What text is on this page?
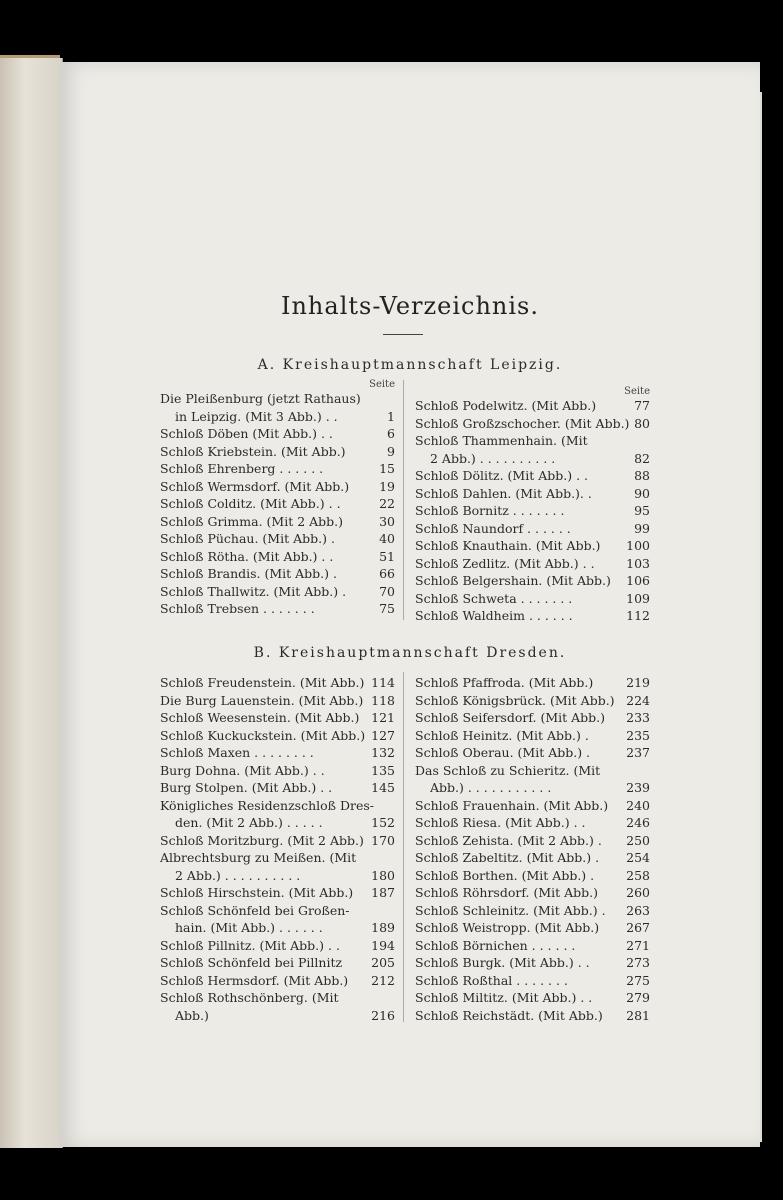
Inhalts-Verzeichnis.
A. Kreishauptmannschaft Leipzig.
Seite
Die Pleißenburg (jetzt Rathaus)
in Leipzig. (Mit 3 Abb.) . .	1
Schloß Döben (Mit Abb.) . .	6
Schloß Kriebstein. (Mit Abb.)	9
Schloß Ehrenberg . . . . . .	15
Schloß Wermsdorf. (Mit Abb.)	19
Schloß Colditz. (Mit Abb.) . .	22
Schloß Grimma. (Mit 2 Abb.)	30
Schloß Püchau. (Mit Abb.) .	40
Schloß Rötha. (Mit Abb.) . .	51
Schloß Brandis. (Mit Abb.) .	66
Schloß Thallwitz. (Mit Abb.) .	70
Schloß Trebsen . . . . . . .	75
Seite
Schloß Podelwitz. (Mit Abb.)	77
Schloß Großzschocher. (Mit Abb.) 80
Schloß Thammenhain. (Mit
2 Abb.) . . . . . . . . . .	82
Schloß Dölitz. (Mit Abb.) . .	88
Schloß Dahlen. (Mit Abb.). .	90
Schloß Bornitz . . . . . . .	95
Schloß Naundorf . . . . . .	99
Schloß Knauthain. (Mit Abb.)	100
Schloß Zedlitz. (Mit Abb.) . .	103
Schloß Belgershain. (Mit Abb.)	106
Schloß Schweta . . . . . . .	109
Schloß Waldheim . . . . . .	112
B. Kreishauptmannschaft Dresden.
Schloß Freudenstein. (Mit Abb.) 114
Die Burg Lauenstein. (Mit Abb.) 118
Schloß Weesenstein. (Mit Abb.) 121
Schloß Kuckuckstein. (Mit Abb.) 127
Schloß Maxen . . . . . . . .	132
Burg Dohna. (Mit Abb.) . .	135
Burg Stolpen. (Mit Abb.) . .	145
Königliches Residenzschloß Dres-
den. (Mit 2 Abb.) . . . . .	152
Schloß Moritzburg. (Mit 2 Abb.) 170
Albrechtsburg zu Meißen. (Mit
2 Abb.) . . . . . . . . . .	180
Schloß Hirschstein. (Mit Abb.)	187
Schloß Schönfeld bei Großen-
hain. (Mit Abb.) . . . . . .	189
Schloß Pillnitz. (Mit Abb.) . .	194
Schloß Schönfeld bei Pillnitz	205
Schloß Hermsdorf. (Mit Abb.)	212
Schloß Rothschönberg. (Mit
Abb.)	216
Schloß Pfaffroda. (Mit Abb.)	219
Schloß Königsbrück. (Mit Abb.) 224
Schloß Seifersdorf. (Mit Abb.)	233
Schloß Heinitz. (Mit Abb.) .	235
Schloß Oberau. (Mit Abb.) .	237
Das Schloß zu Schieritz. (Mit
Abb.) . . . . . . . . . . .	239
Schloß Frauenhain. (Mit Abb.)	240
Schloß Riesa. (Mit Abb.) . .	246
Schloß Zehista. (Mit 2 Abb.) .	250
Schloß Zabeltitz. (Mit Abb.) .	254
Schloß Borthen. (Mit Abb.) .	258
Schloß Röhrsdorf. (Mit Abb.)	260
Schloß Schleinitz. (Mit Abb.) .	263
Schloß Weistropp. (Mit Abb.)	267
Schloß Börnichen . . . . . .	271
Schloß Burgk. (Mit Abb.) . .	273
Schloß Roßthal . . . . . . .	275
Schloß Miltitz. (Mit Abb.) . .	279
Schloß Reichstädt. (Mit Abb.)	281
